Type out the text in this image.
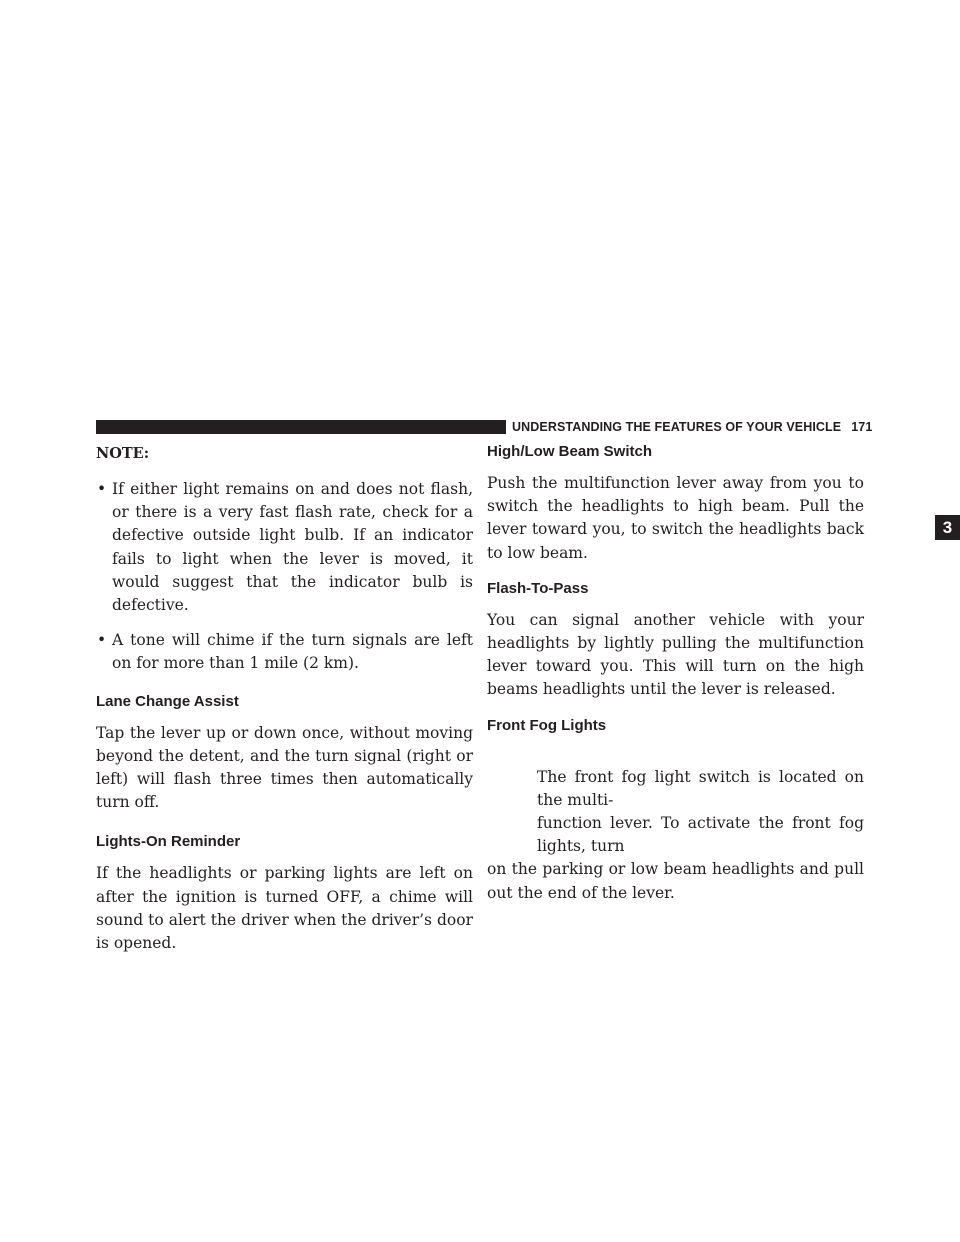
UNDERSTANDING THE FEATURES OF YOUR VEHICLE 171
NOTE:
• If either light remains on and does not flash, or there is a very fast flash rate, check for a defective outside light bulb. If an indicator fails to light when the lever is moved, it would suggest that the indicator bulb is defective.
• A tone will chime if the turn signals are left on for more than 1 mile (2 km).
Lane Change Assist

Tap the lever up or down once, without moving beyond the detent, and the turn signal (right or left) will flash three times then automatically turn off.

Lights-On Reminder

If the headlights or parking lights are left on after the ignition is turned OFF, a chime will sound to alert the driver when the driver’s door is opened.

High/Low Beam Switch

Push the multifunction lever away from you to switch the headlights to high beam. Pull the lever toward you, to switch the headlights back to low beam.

Flash-To-Pass

You can signal another vehicle with your headlights by lightly pulling the multifunction lever toward you. This will turn on the high beams headlights until the lever is released.

Front Fog Lights

The front fog light switch is located on the multi-
function lever. To activate the front fog lights, turn
on the parking or low beam headlights and pull out the end of the lever.

3
